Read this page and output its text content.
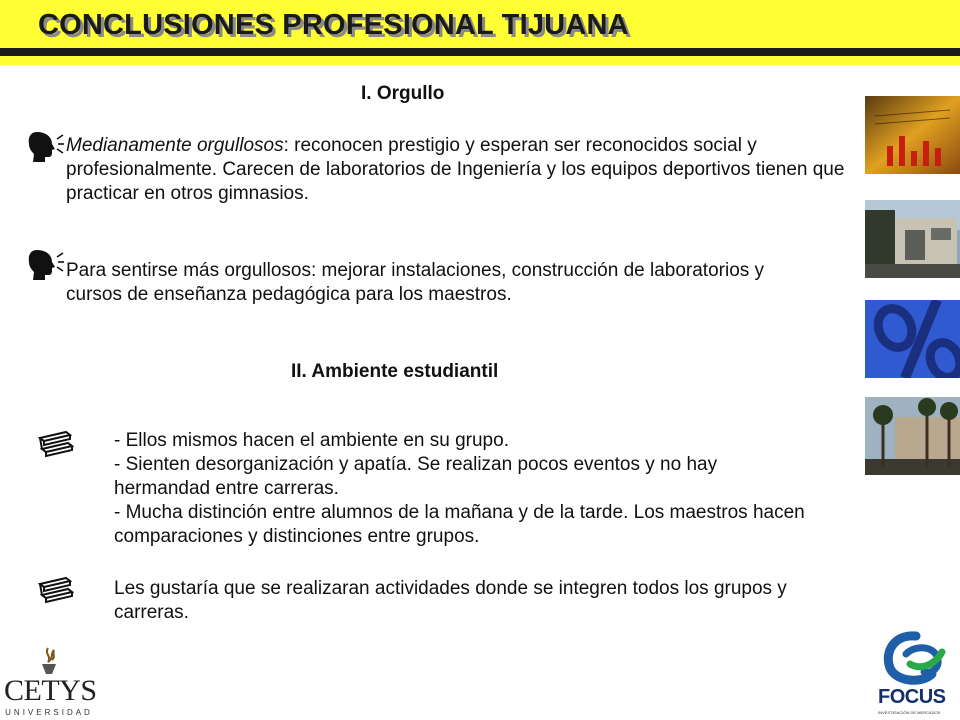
CONCLUSIONES PROFESIONAL TIJUANA
I. Orgullo
Medianamente orgullosos: reconocen prestigio y esperan ser reconocidos social y profesionalmente. Carecen de laboratorios de Ingeniería y los equipos deportivos tienen que practicar en otros gimnasios.
Para sentirse más orgullosos: mejorar instalaciones, construcción de laboratorios y cursos de enseñanza pedagógica para los maestros.
II. Ambiente estudiantil
- Ellos mismos hacen el ambiente en su grupo.
- Sienten desorganización y apatía. Se realizan pocos eventos y no hay hermandad entre carreras.
- Mucha distinción entre alumnos de la mañana y de la tarde. Los maestros hacen comparaciones y distinciones entre grupos.
Les gustaría que se realizaran actividades donde se integren todos los grupos y carreras.
CETYS
UNIVERSIDAD
FOCUS
INVESTIGACIÓN DE MERCADOS
